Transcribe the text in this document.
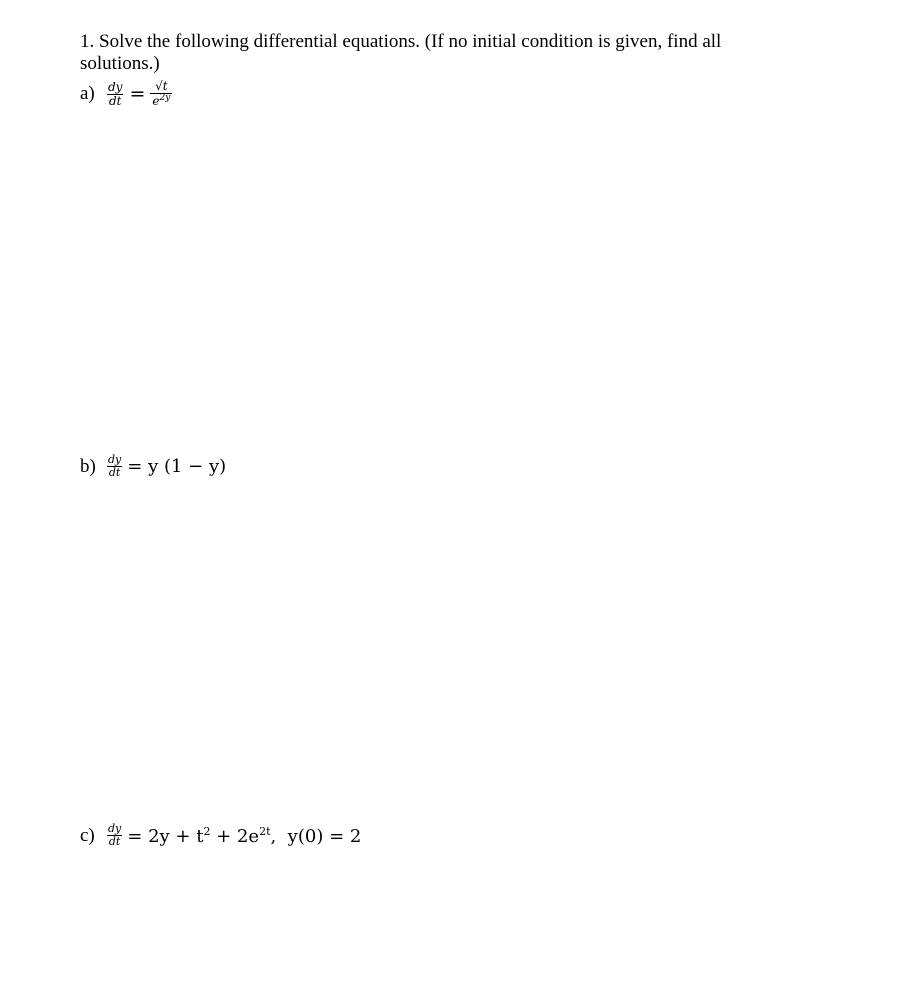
1. Solve the following differential equations. (If no initial condition is given, find all solutions.)
$a) \frac{dy}{dt} = \frac{√t}{e^{2y}}$
$b) \frac{dy}{dt} = y$ (1 − y)
c)	$\frac{dy}{dt} = 2y + t^2 + 2e^{2t}$,  y(0) = 2
